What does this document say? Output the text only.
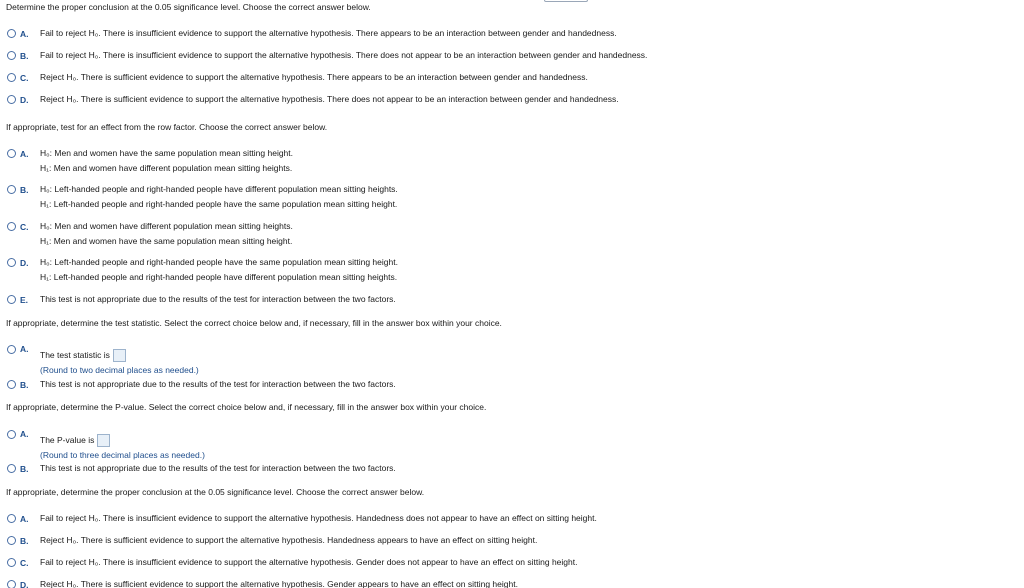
Determine the proper conclusion at the 0.05 significance level. Choose the correct answer below.
A.	Fail to reject H₀. There is insufficient evidence to support the alternative hypothesis. There appears to be an interaction between gender and handedness.
B.	Fail to reject H₀. There is insufficient evidence to support the alternative hypothesis. There does not appear to be an interaction between gender and handedness.
C.	Reject H₀. There is sufficient evidence to support the alternative hypothesis. There appears to be an interaction between gender and handedness.
D.	Reject H₀. There is sufficient evidence to support the alternative hypothesis. There does not appear to be an interaction between gender and handedness.
If appropriate, test for an effect from the row factor. Choose the correct answer below.
A.	H₀: Men and women have the same population mean sitting height.
H₁: Men and women have different population mean sitting heights.
B.	H₀: Left-handed people and right-handed people have different population mean sitting heights.
H₁: Left-handed people and right-handed people have the same population mean sitting height.
C.	H₀: Men and women have different population mean sitting heights.
H₁: Men and women have the same population mean sitting height.
D.	H₀: Left-handed people and right-handed people have the same population mean sitting height.
H₁: Left-handed people and right-handed people have different population mean sitting heights.
E.	This test is not appropriate due to the results of the test for interaction between the two factors.
If appropriate, determine the test statistic. Select the correct choice below and, if necessary, fill in the answer box within your choice.
A.
The test statistic is
(Round to two decimal places as needed.)
B.	This test is not appropriate due to the results of the test for interaction between the two factors.
If appropriate, determine the P-value. Select the correct choice below and, if necessary, fill in the answer box within your choice.
A.
The P-value is
(Round to three decimal places as needed.)
B.	This test is not appropriate due to the results of the test for interaction between the two factors.
If appropriate, determine the proper conclusion at the 0.05 significance level. Choose the correct answer below.
A.	Fail to reject H₀. There is insufficient evidence to support the alternative hypothesis. Handedness does not appear to have an effect on sitting height.
B.	Reject H₀. There is sufficient evidence to support the alternative hypothesis. Handedness appears to have an effect on sitting height.
C.	Fail to reject H₀. There is insufficient evidence to support the alternative hypothesis. Gender does not appear to have an effect on sitting height.
D.	Reject H₀. There is sufficient evidence to support the alternative hypothesis. Gender appears to have an effect on sitting height.
